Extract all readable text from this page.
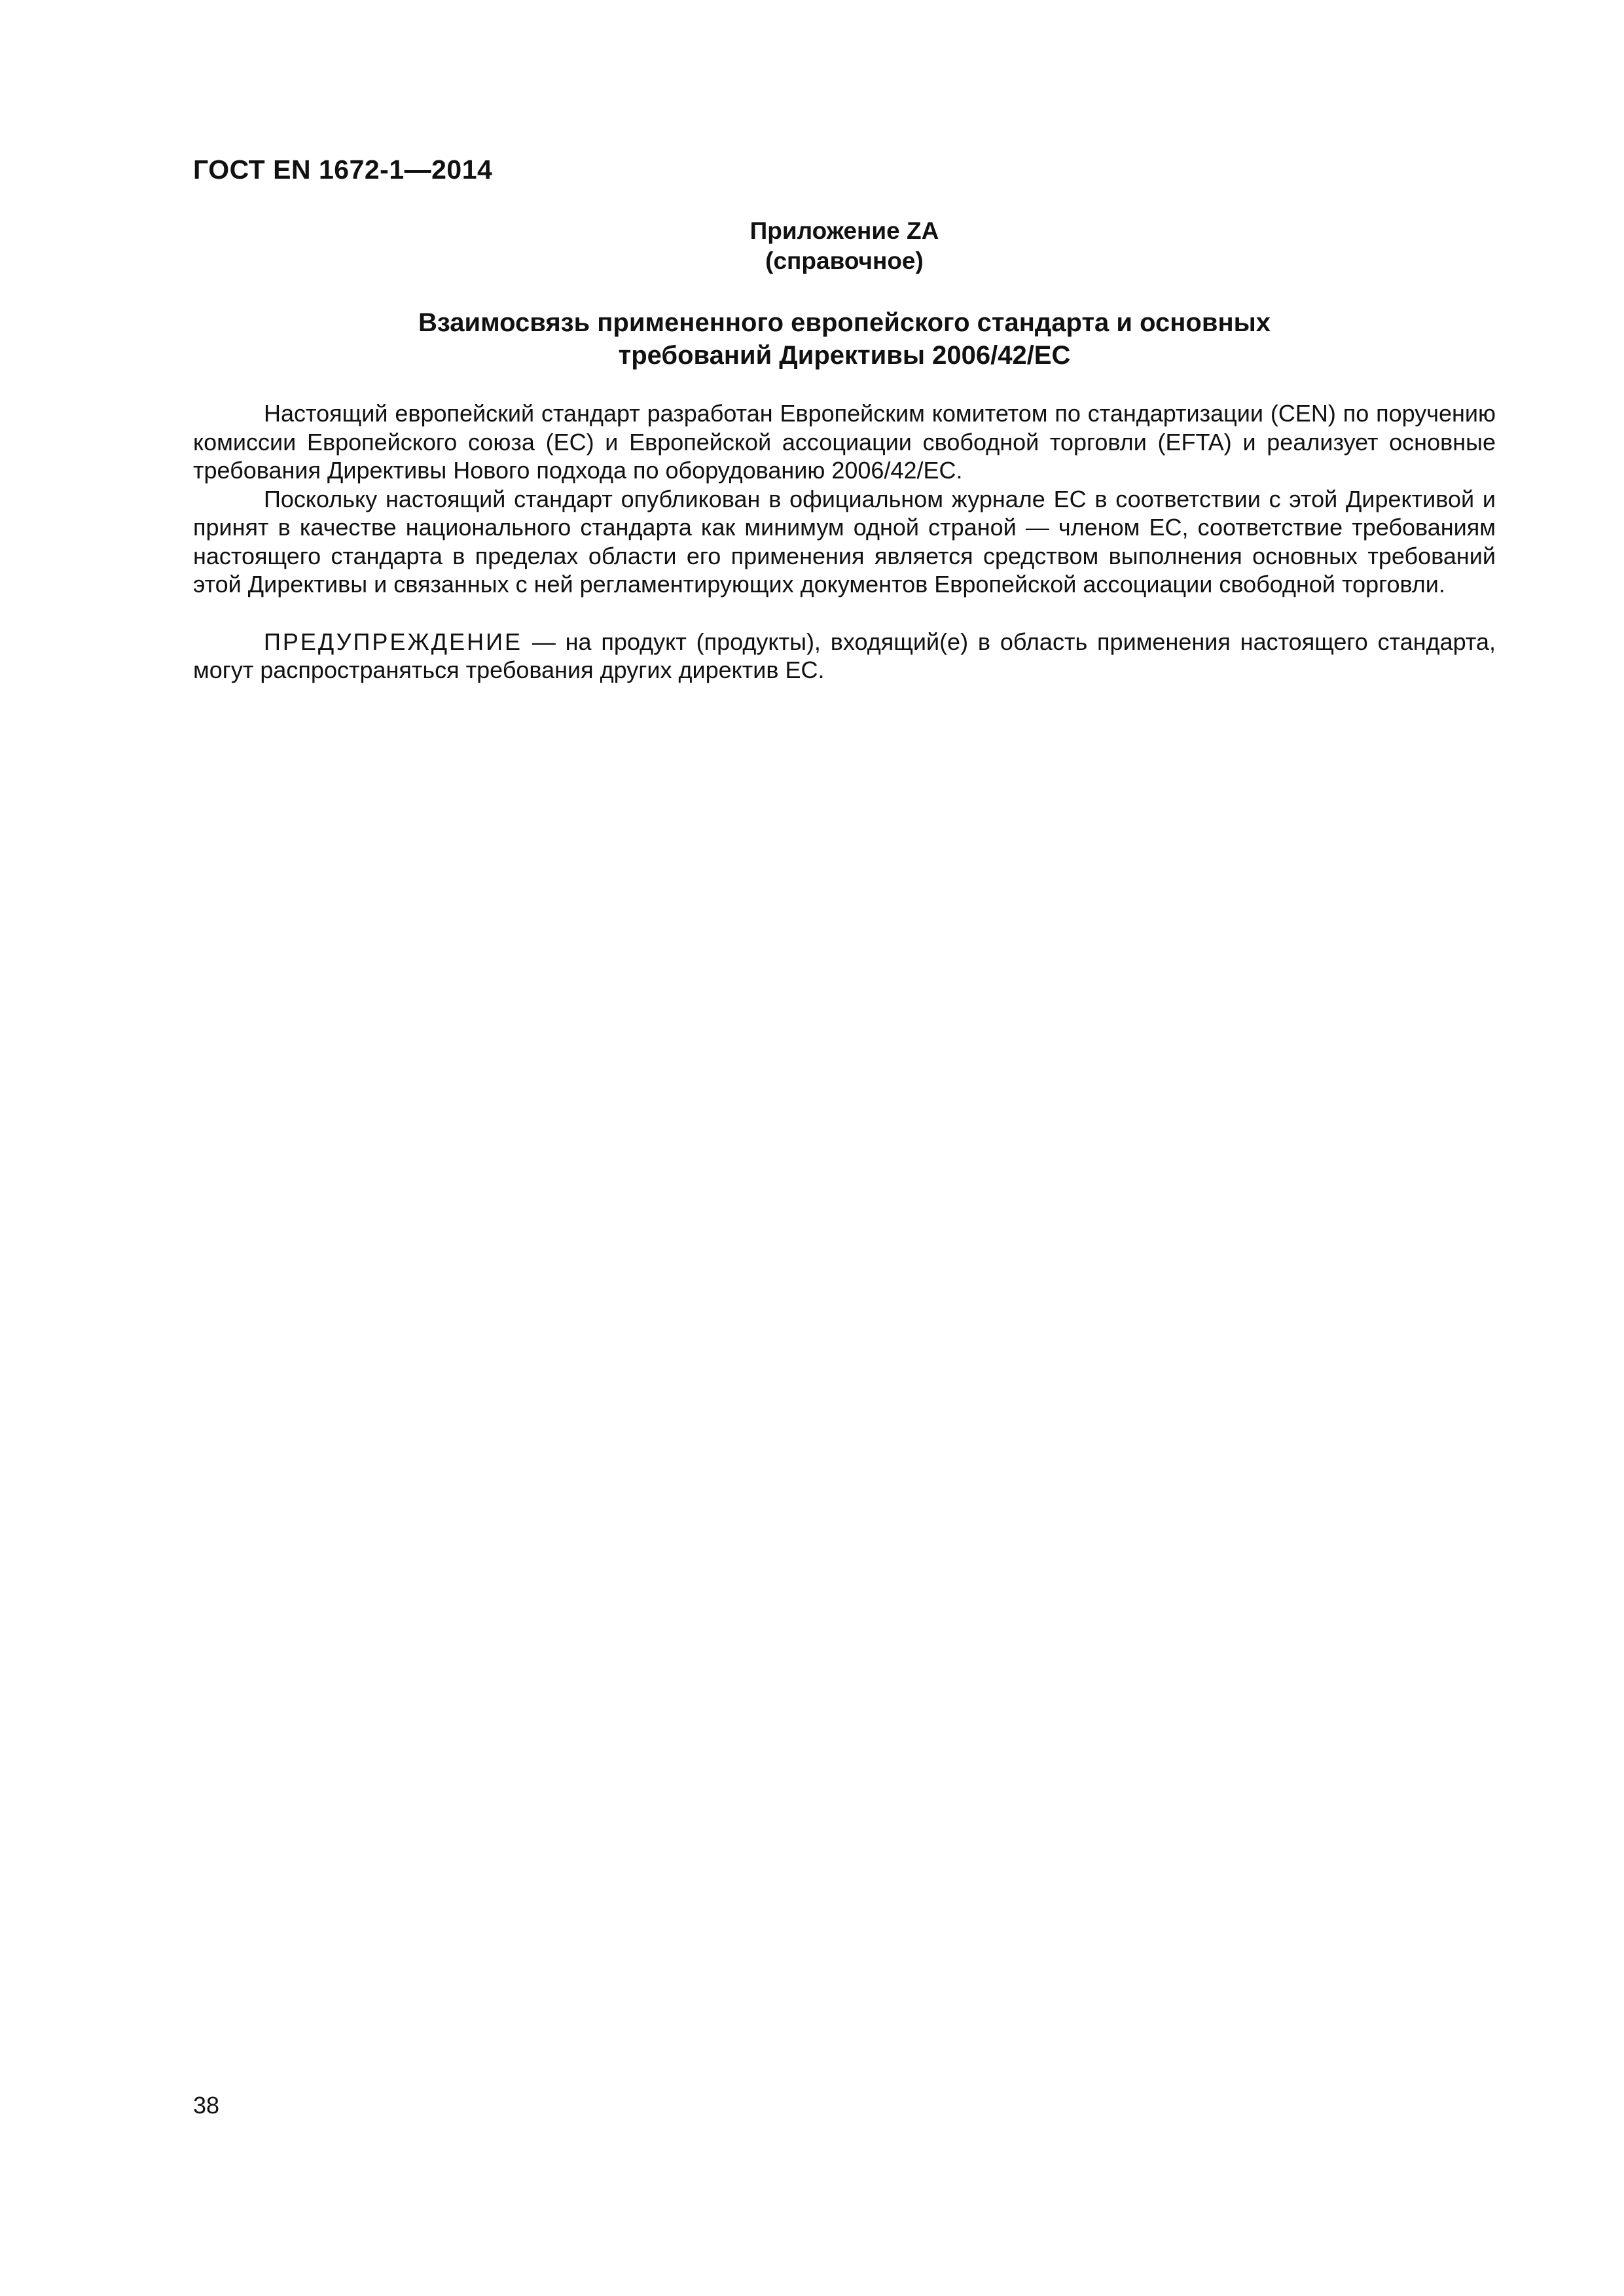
ГОСТ EN 1672-1—2014
Приложение ZA
(справочное)
Взаимосвязь примененного европейского стандарта и основных
требований Директивы 2006/42/ЕС

Настоящий европейский стандарт разработан Европейским комитетом по стандартизации (CEN) по поручению комиссии Европейского союза (ЕС) и Европейской ассоциации свободной торговли (EFTA) и реализует основные требования Директивы Нового подхода по оборудованию 2006/42/ЕС.

Поскольку настоящий стандарт опубликован в официальном журнале ЕС в соответствии с этой Директивой и принят в качестве национального стандарта как минимум одной страной — членом ЕС, соответствие требованиям настоящего стандарта в пределах области его применения является средством выполнения основных требований этой Директивы и связанных с ней регламентирующих документов Европейской ассоциации свободной торговли.

ПРЕДУПРЕЖДЕНИЕ — на продукт (продукты), входящий(е) в область применения настоящего стандарта, могут распространяться требования других директив ЕС.

38
